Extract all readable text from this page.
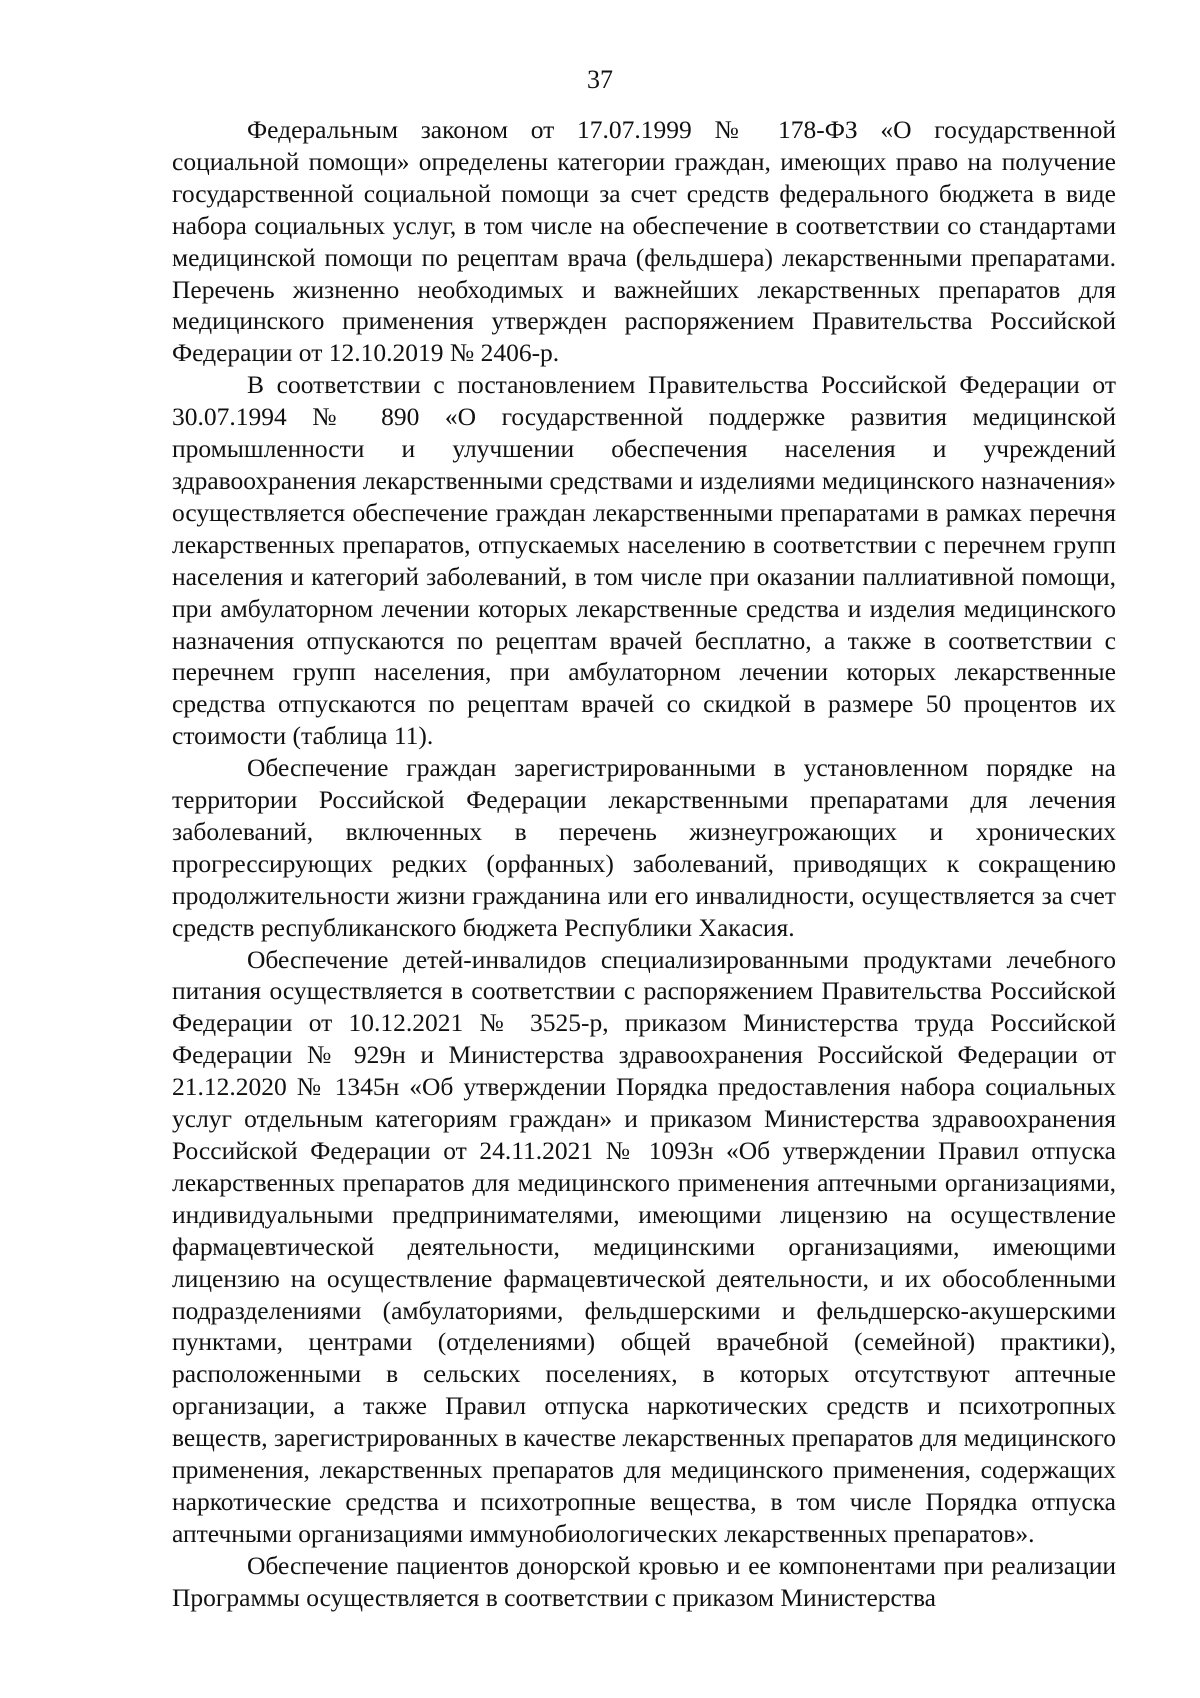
37

Федеральным законом от 17.07.1999 № 178-ФЗ «О государственной социальной помощи» определены категории граждан, имеющих право на получение государственной социальной помощи за счет средств федерального бюджета в виде набора социальных услуг, в том числе на обеспечение в соответствии со стандартами медицинской помощи по рецептам врача (фельдшера) лекарственными препаратами. Перечень жизненно необходимых и важнейших лекарственных препаратов для медицинского применения утвержден распоряжением Правительства Российской Федерации от 12.10.2019 № 2406-р.

В соответствии с постановлением Правительства Российской Федерации от 30.07.1994 № 890 «О государственной поддержке развития медицинской промышленности и улучшении обеспечения населения и учреждений здравоохранения лекарственными средствами и изделиями медицинского назначения» осуществляется обеспечение граждан лекарственными препаратами в рамках перечня лекарственных препаратов, отпускаемых населению в соответствии с перечнем групп населения и категорий заболеваний, в том числе при оказании паллиативной помощи, при амбулаторном лечении которых лекарственные средства и изделия медицинского назначения отпускаются по рецептам врачей бесплатно, а также в соответствии с перечнем групп населения, при амбулаторном лечении которых лекарственные средства отпускаются по рецептам врачей со скидкой в размере 50 процентов их стоимости (таблица 11).

Обеспечение граждан зарегистрированными в установленном порядке на территории Российской Федерации лекарственными препаратами для лечения заболеваний, включенных в перечень жизнеугрожающих и хронических прогрессирующих редких (орфанных) заболеваний, приводящих к сокращению продолжительности жизни гражданина или его инвалидности, осуществляется за счет средств республиканского бюджета Республики Хакасия.

Обеспечение детей-инвалидов специализированными продуктами лечебного питания осуществляется в соответствии с распоряжением Правительства Российской Федерации от 10.12.2021 № 3525-р, приказом Министерства труда Российской Федерации № 929н и Министерства здравоохранения Российской Федерации от 21.12.2020 № 1345н «Об утверждении Порядка предоставления набора социальных услуг отдельным категориям граждан» и приказом Министерства здравоохранения Российской Федерации от 24.11.2021 № 1093н «Об утверждении Правил отпуска лекарственных препаратов для медицинского применения аптечными организациями, индивидуальными предпринимателями, имеющими лицензию на осуществление фармацевтической деятельности, медицинскими организациями, имеющими лицензию на осуществление фармацевтической деятельности, и их обособленными подразделениями (амбулаториями, фельдшерскими и фельдшерско-акушерскими пунктами, центрами (отделениями) общей врачебной (семейной) практики), расположенными в сельских поселениях, в которых отсутствуют аптечные организации, а также Правил отпуска наркотических средств и психотропных веществ, зарегистрированных в качестве лекарственных препаратов для медицинского применения, лекарственных препаратов для медицинского применения, содержащих наркотические средства и психотропные вещества, в том числе Порядка отпуска аптечными организациями иммунобиологических лекарственных препаратов».

Обеспечение пациентов донорской кровью и ее компонентами при реализации Программы осуществляется в соответствии с приказом Министерства
